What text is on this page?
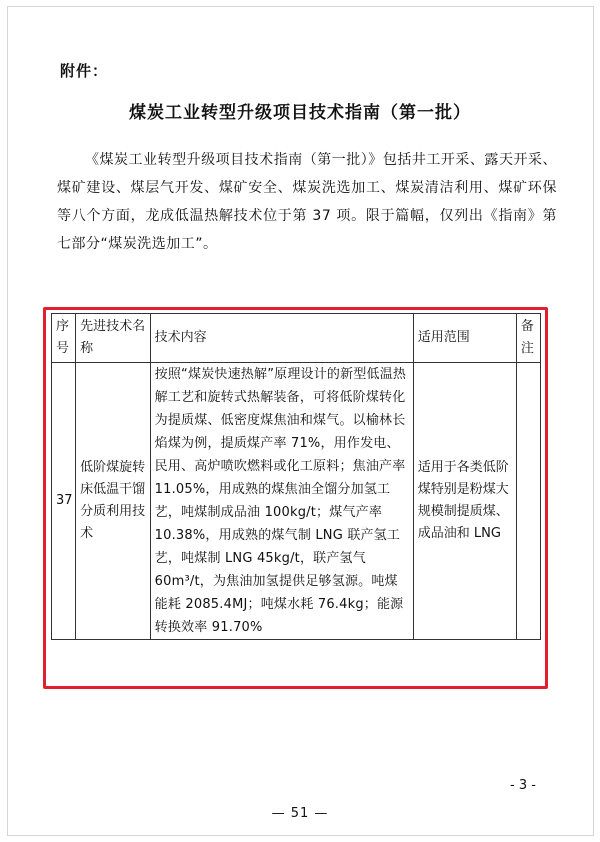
附件：
煤炭工业转型升级项目技术指南（第一批）
《煤炭工业转型升级项目技术指南（第一批）》包括井工开采、露天开采、煤矿建设、煤层气开发、煤矿安全、煤炭洗选加工、煤炭清洁利用、煤矿环保等八个方面，龙成低温热解技术位于第 37 项。限于篇幅，仅列出《指南》第七部分“煤炭洗选加工”。
序号	先进技术名称	技术内容	适用范围	备注
37	低阶煤旋转床低温干馏分质利用技术	按照“煤炭快速热解”原理设计的新型低温热解工艺和旋转式热解装备，可将低阶煤转化为提质煤、低密度煤焦油和煤气。以榆林长焰煤为例，提质煤产率 71%，用作发电、民用、高炉喷吹燃料或化工原料；焦油产率 11.05%，用成熟的煤焦油全馏分加氢工艺，吨煤制成品油 100kg/t；煤气产率 10.38%，用成熟的煤气制 LNG 联产氢工艺，吨煤制 LNG 45kg/t，联产氢气 60m³/t，为焦油加氢提供足够氢源。吨煤能耗 2085.4MJ；吨煤水耗 76.4kg；能源转换效率 91.70%	适用于各类低阶煤特别是粉煤大规模制提质煤、成品油和 LNG	
- 3 -
— 51 —
